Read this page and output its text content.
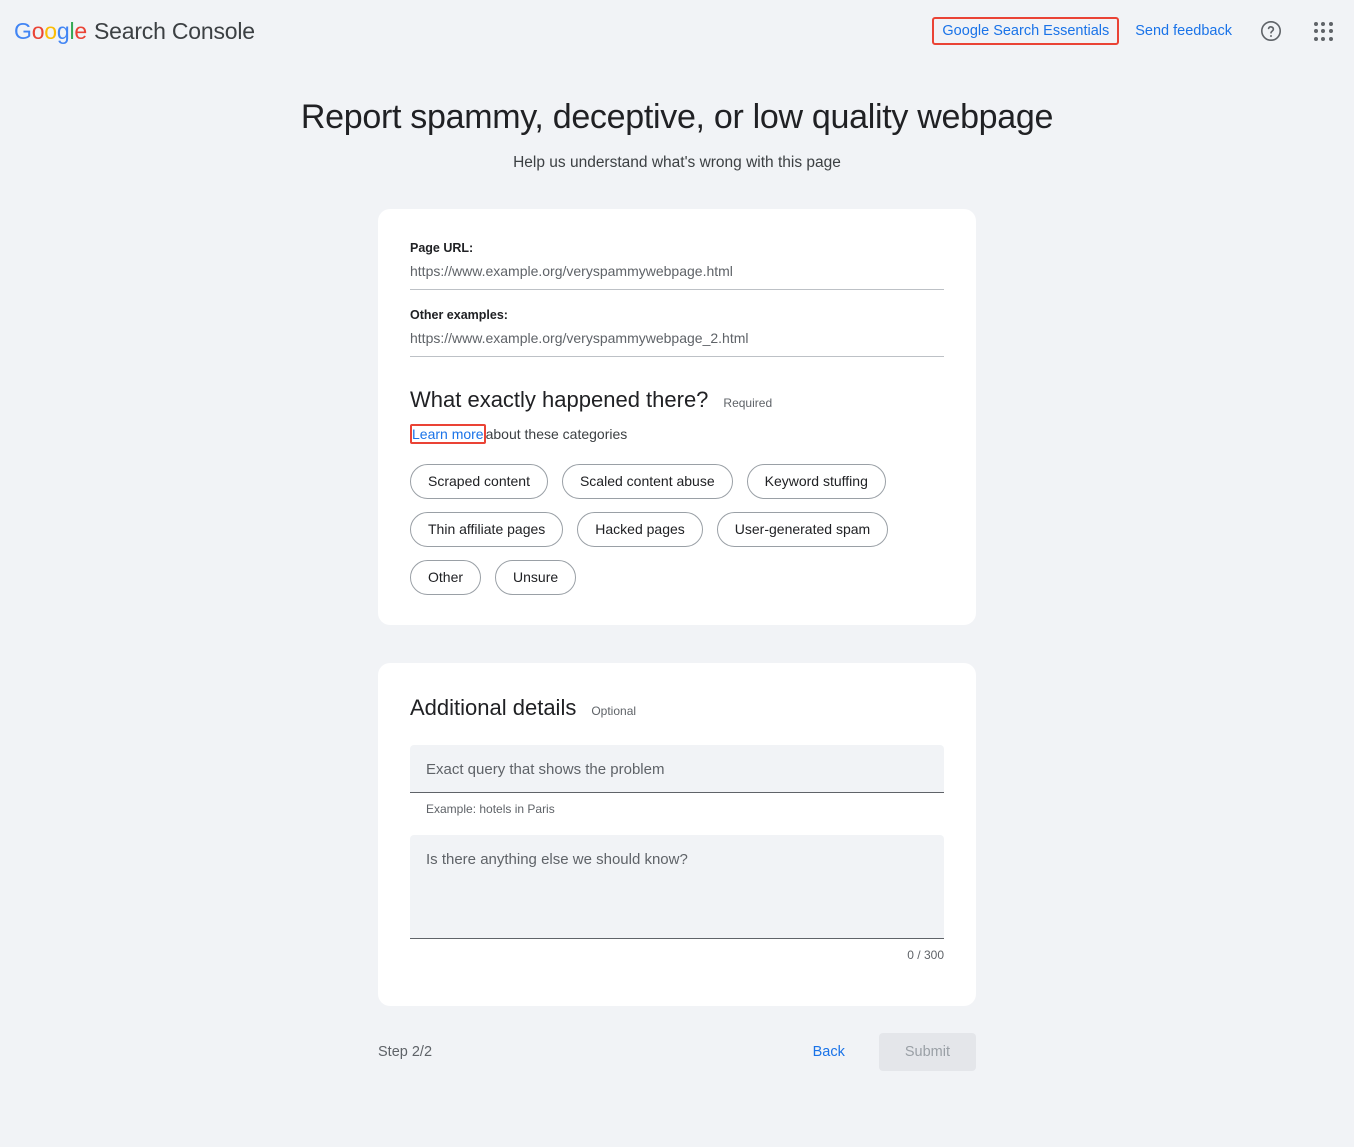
Google Search Console	Google Search Essentials	Send feedback
Report spammy, deceptive, or low quality webpage
Help us understand what's wrong with this page
Page URL:
https://www.example.org/veryspammywebpage.html
Other examples:
https://www.example.org/veryspammywebpage_2.html
What exactly happened there? Required
Learn more about these categories
Scraped content	Scaled content abuse	Keyword stuffing
Thin affiliate pages	Hacked pages	User-generated spam
Other	Unsure
Additional details Optional
Exact query that shows the problem
Example: hotels in Paris
Is there anything else we should know?
0 / 300
Step 2/2	Back	Submit
